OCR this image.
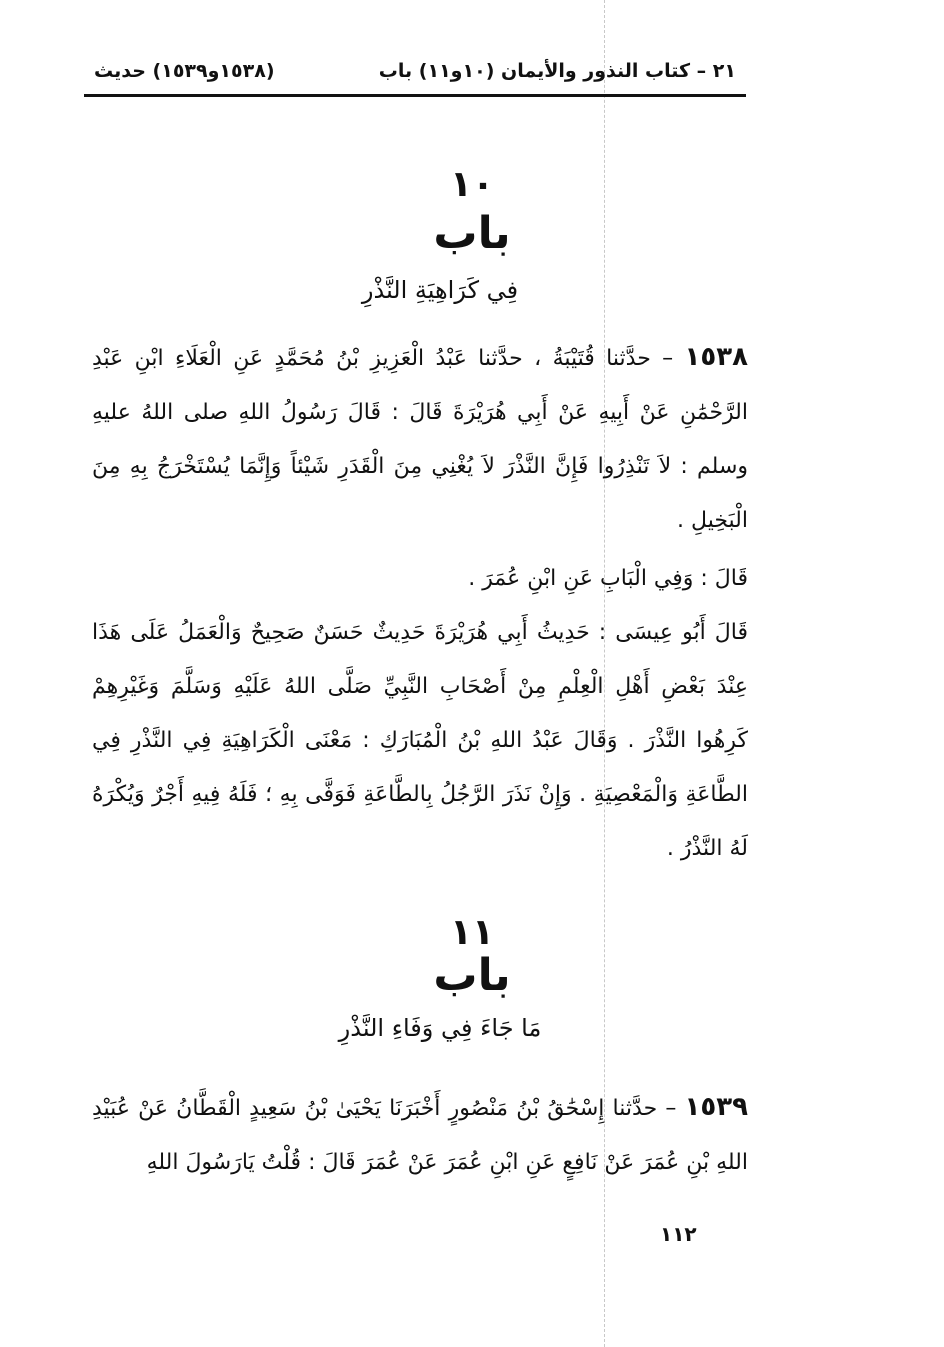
٢١ – كتاب النذور والأيمان (١٠و١١) باب
(١٥٣٨و١٥٣٩) حديث
١٠
باب
فِي كَرَاهِيَةِ النَّذْرِ
١٥٣٨ – حدَّثنا قُتَيْبَةُ ، حدَّثنا عَبْدُ الْعَزِيزِ بْنُ مُحَمَّدٍ عَنِ الْعَلَاءِ ابْنِ عَبْدِ الرَّحْمَٰنِ عَنْ أَبِيهِ عَنْ أَبِي هُرَيْرَةَ قَالَ : قَالَ رَسُولُ اللهِ صلى اللهُ عليهِ وسلم : لاَ تَنْذِرُوا فَإِنَّ النَّذْرَ لاَ يُغْنِي مِنَ الْقَدَرِ شَيْئاً وَإِنَّمَا يُسْتَخْرَجُ بِهِ مِنَ الْبَخِيلِ .
قَالَ : وَفِي الْبَابِ عَنِ ابْنِ عُمَرَ .
قَالَ أَبُو عِيسَى : حَدِيثُ أَبِي هُرَيْرَةَ حَدِيثٌ حَسَنٌ صَحِيحٌ وَالْعَمَلُ عَلَى هَذَا عِنْدَ بَعْضِ أَهْلِ الْعِلْمِ مِنْ أَصْحَابِ النَّبِيِّ صَلَّى اللهُ عَلَيْهِ وَسَلَّمَ وَغَيْرِهِمْ كَرِهُوا النَّذْرَ . وَقَالَ عَبْدُ اللهِ بْنُ الْمُبَارَكِ : مَعْنَى الْكَرَاهِيَةِ فِي النَّذْرِ فِي الطَّاعَةِ وَالْمَعْصِيَةِ . وَإِنْ نَذَرَ الرَّجُلُ بِالطَّاعَةِ فَوَفَّى بِهِ ؛ فَلَهُ فِيهِ أَجْرٌ وَيُكْرَهُ لَهُ النَّذْرُ .
١١
باب
مَا جَاءَ فِي وَفَاءِ النَّذْرِ
١٥٣٩ – حدَّثنا إِسْحَٰقُ بْنُ مَنْصُورٍ أَخْبَرَنَا يَحْيَىٰ بْنُ سَعِيدٍ الْقَطَّانُ عَنْ عُبَيْدِ اللهِ بْنِ عُمَرَ عَنْ نَافِعٍ عَنِ ابْنِ عُمَرَ عَنْ عُمَرَ قَالَ : قُلْتُ يَارَسُولَ اللهِ
١١٢
